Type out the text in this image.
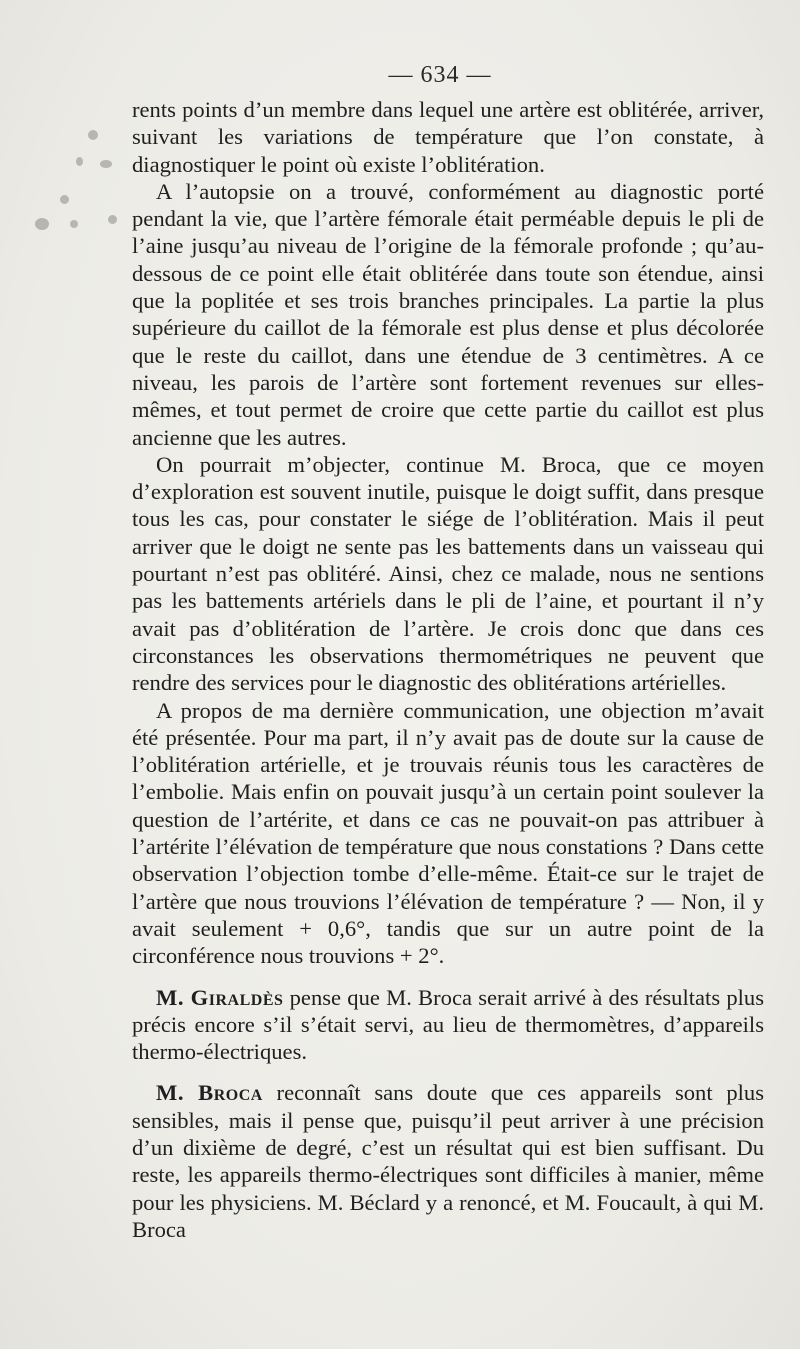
— 634 —

rents points d’un membre dans lequel une artère est oblitérée, arriver, suivant les variations de température que l’on constate, à diagnostiquer le point où existe l’oblitération.

A l’autopsie on a trouvé, conformément au diagnostic porté pendant la vie, que l’artère fémorale était perméable depuis le pli de l’aine jusqu’au niveau de l’origine de la fémorale profonde ; qu’au-dessous de ce point elle était oblitérée dans toute son étendue, ainsi que la poplitée et ses trois branches principales. La partie la plus supérieure du caillot de la fémorale est plus dense et plus décolorée que le reste du caillot, dans une étendue de 3 centimètres. A ce niveau, les parois de l’artère sont fortement revenues sur elles-mêmes, et tout permet de croire que cette partie du caillot est plus ancienne que les autres.

On pourrait m’objecter, continue M. Broca, que ce moyen d’exploration est souvent inutile, puisque le doigt suffit, dans presque tous les cas, pour constater le siége de l’oblitération. Mais il peut arriver que le doigt ne sente pas les battements dans un vaisseau qui pourtant n’est pas oblitéré. Ainsi, chez ce malade, nous ne sentions pas les battements artériels dans le pli de l’aine, et pourtant il n’y avait pas d’oblitération de l’artère. Je crois donc que dans ces circonstances les observations thermométriques ne peuvent que rendre des services pour le diagnostic des oblitérations artérielles.

A propos de ma dernière communication, une objection m’avait été présentée. Pour ma part, il n’y avait pas de doute sur la cause de l’oblitération artérielle, et je trouvais réunis tous les caractères de l’embolie. Mais enfin on pouvait jusqu’à un certain point soulever la question de l’artérite, et dans ce cas ne pouvait-on pas attribuer à l’artérite l’élévation de température que nous constations ? Dans cette observation l’objection tombe d’elle-même. Était-ce sur le trajet de l’artère que nous trouvions l’élévation de température ? — Non, il y avait seulement + 0,6°, tandis que sur un autre point de la circonférence nous trouvions + 2°.

M. Giraldès pense que M. Broca serait arrivé à des résultats plus précis encore s’il s’était servi, au lieu de thermomètres, d’appareils thermo-électriques.

M. Broca reconnaît sans doute que ces appareils sont plus sensibles, mais il pense que, puisqu’il peut arriver à une précision d’un dixième de degré, c’est un résultat qui est bien suffisant. Du reste, les appareils thermo-électriques sont difficiles à manier, même pour les physiciens. M. Béclard y a renoncé, et M. Foucault, à qui M. Broca
